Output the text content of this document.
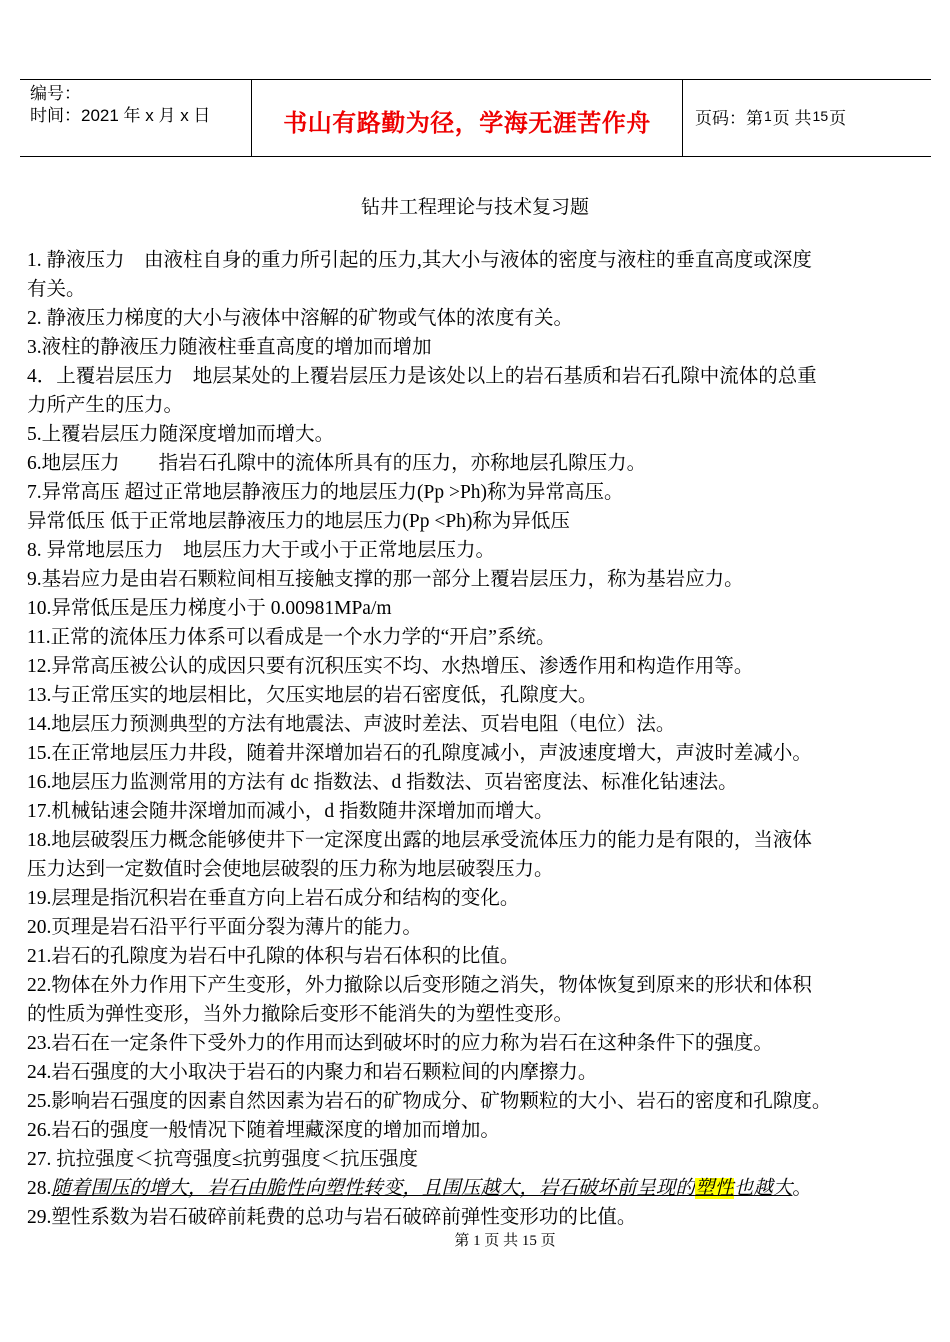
编号：
时间：2021 年 x 月 x 日	书山有路勤为径，学海无涯苦作舟	页码：第 1 页 共 15 页
钻井工程理论与技术复习题

1. 静液压力　由液柱自身的重力所引起的压力,其大小与液体的密度与液柱的垂直高度或深度

有关。

2. 静液压力梯度的大小与液体中溶解的矿物或气体的浓度有关。

3.液柱的静液压力随液柱垂直高度的增加而增加

4．上覆岩层压力　地层某处的上覆岩层压力是该处以上的岩石基质和岩石孔隙中流体的总重

力所产生的压力。

5.上覆岩层压力随深度增加而增大。

6.地层压力　　指岩石孔隙中的流体所具有的压力，亦称地层孔隙压力。

7.异常高压 超过正常地层静液压力的地层压力(Pp >Ph)称为异常高压。

异常低压 低于正常地层静液压力的地层压力(Pp <Ph)称为异低压

8. 异常地层压力　地层压力大于或小于正常地层压力。

9.基岩应力是由岩石颗粒间相互接触支撑的那一部分上覆岩层压力，称为基岩应力。

10.异常低压是压力梯度小于 0.00981MPa/m

11.正常的流体压力体系可以看成是一个水力学的“开启”系统。

12.异常高压被公认的成因只要有沉积压实不均、水热增压、渗透作用和构造作用等。

13.与正常压实的地层相比，欠压实地层的岩石密度低，孔隙度大。

14.地层压力预测典型的方法有地震法、声波时差法、页岩电阻（电位）法。

15.在正常地层压力井段，随着井深增加岩石的孔隙度减小，声波速度增大，声波时差减小。

16.地层压力监测常用的方法有 dc 指数法、d 指数法、页岩密度法、标准化钻速法。

17.机械钻速会随井深增加而减小，d 指数随井深增加而增大。

18.地层破裂压力概念能够使井下一定深度出露的地层承受流体压力的能力是有限的，当液体

压力达到一定数值时会使地层破裂的压力称为地层破裂压力。

19.层理是指沉积岩在垂直方向上岩石成分和结构的变化。

20.页理是岩石沿平行平面分裂为薄片的能力。

21.岩石的孔隙度为岩石中孔隙的体积与岩石体积的比值。

22.物体在外力作用下产生变形，外力撤除以后变形随之消失，物体恢复到原来的形状和体积

的性质为弹性变形，当外力撤除后变形不能消失的为塑性变形。

23.岩石在一定条件下受外力的作用而达到破坏时的应力称为岩石在这种条件下的强度。

24.岩石强度的大小取决于岩石的内聚力和岩石颗粒间的内摩擦力。

25.影响岩石强度的因素自然因素为岩石的矿物成分、矿物颗粒的大小、岩石的密度和孔隙度。

26.岩石的强度一般情况下随着埋藏深度的增加而增加。

27. 抗拉强度＜抗弯强度≤抗剪强度＜抗压强度

28.随着围压的增大，岩石由脆性向塑性转变，且围压越大，岩石破坏前呈现的塑性也越大。

29.塑性系数为岩石破碎前耗费的总功与岩石破碎前弹性变形功的比值。

第 1 页 共 15 页
